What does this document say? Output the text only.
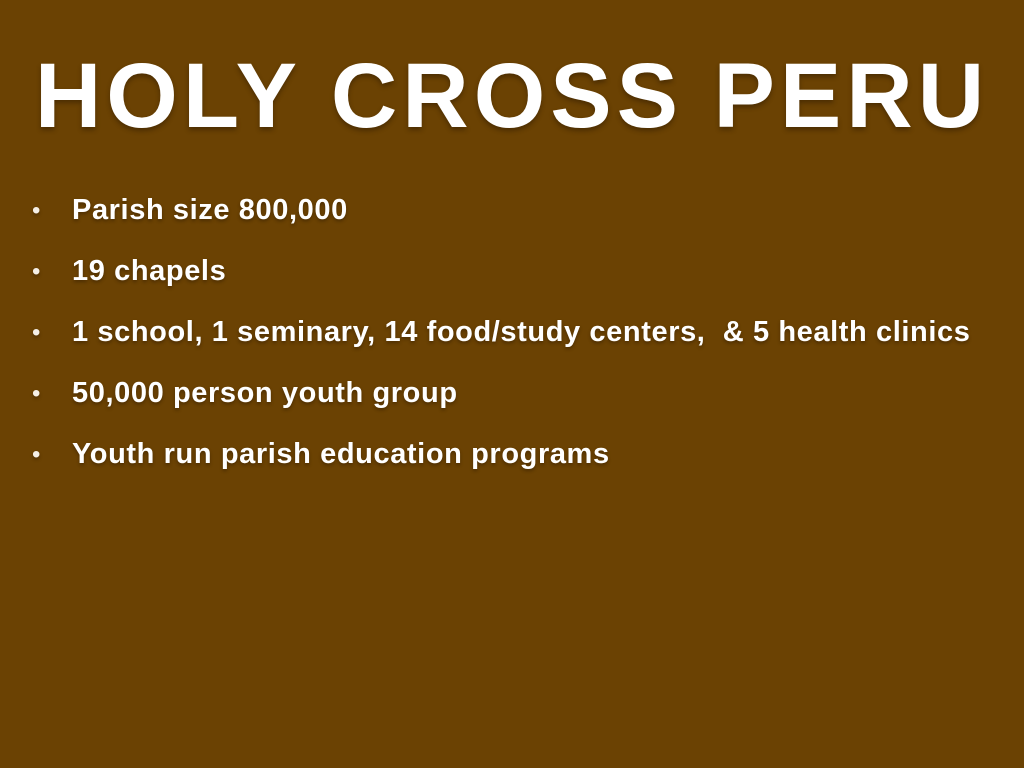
HOLY CROSS PERU
•	Parish size 800,000
•	19 chapels
•	1 school, 1 seminary, 14 food/study centers,  & 5 health clinics
•	50,000 person youth group
•	Youth run parish education programs
